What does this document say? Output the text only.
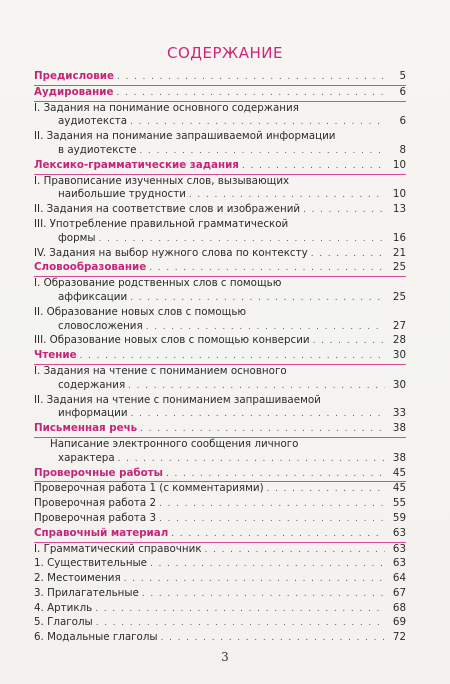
СОДЕРЖАНИЕ
Предисловие . . .	5
Аудирование . . .	6
I. Задания на понимание основного содержания
аудиотекста . . .	6
II. Задания на понимание запрашиваемой информации
в аудиотексте . . .	8
Лексико-грамматические задания . . .	10
I. Правописание изученных слов, вызывающих
наибольшие трудности . . .	10
II. Задания на соответствие слов и изображений . . .	13
III. Употребление правильной грамматической
формы . . .	16
IV. Задания на выбор нужного слова по контексту . . .	21
Словообразование . . .	25
I. Образование родственных слов с помощью
аффиксации . . .	25
II. Образование новых слов с помощью
словосложения . . .	27
III. Образование новых слов с помощью конверсии . . .	28
Чтение . . .	30
I. Задания на чтение с пониманием основного
содержания . . .	30
II. Задания на чтение с пониманием запрашиваемой
информации . . .	33
Письменная речь . . .	38
Написание электронного сообщения личного
характера . . .	38
Проверочные работы . . .	45
Проверочная работа 1 (с комментариями) . . .	45
Проверочная работа 2 . . .	55
Проверочная работа 3 . . .	59
Справочный материал . . .	63
I. Грамматический справочник . . .	63
1. Существительные . . .	63
2. Местоимения . . .	64
3. Прилагательные . . .	67
4. Артикль . . .	68
5. Глаголы . . .	69
6. Модальные глаголы . . .	72
3
